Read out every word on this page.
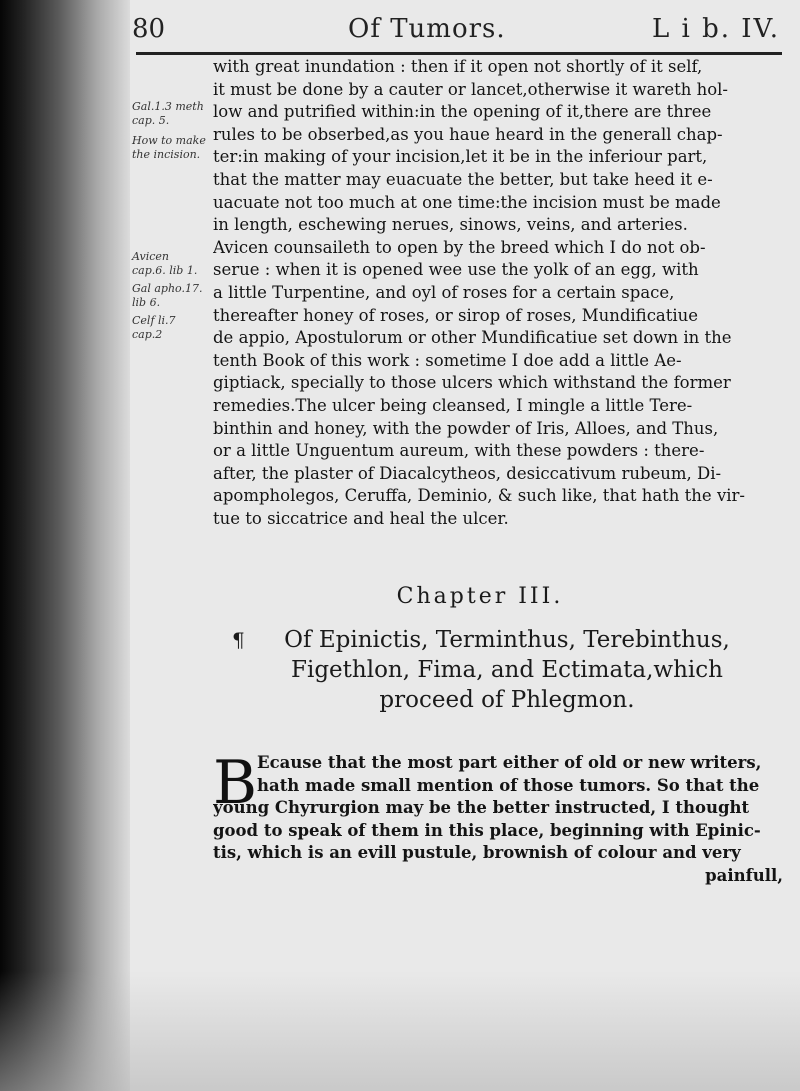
80	Of Tumors.	L i b. IV.
Gal.1.3 meth cap. 5.
How to make the incision.
Avicen cap.6. lib 1.
Gal apho.17. lib 6.
Celf li.7 cap.2
with great inundation : then if it open not shortly of it self,
it must be done by a cauter or lancet,otherwise it wareth hol-
low and putrified within:in the opening of it,there are three
rules to be obserbed,as you haue heard in the generall chap-
ter:in making of your incision,let it be in the inferiour part,
that the matter may euacuate the better, but take heed it e-
uacuate not too much at one time:the incision must be made
in length, eschewing nerues, sinows, veins, and arteries.
Avicen counsaileth to open by the breed which I do not ob-
serue : when it is opened wee use the yolk of an egg, with
a little Turpentine, and oyl of roses for a certain space,
thereafter honey of roses, or sirop of roses, Mundificatiue
de appio, Apostulorum or other Mundificatiue set down in the
tenth Book of this work : sometime I doe add a little Ae-
giptiack, specially to those ulcers which withstand the former
remedies.The ulcer being cleansed, I mingle a little Tere-
binthin and honey, with the powder of Iris, Alloes, and Thus,
or a little Unguentum aureum, with these powders : there-
after, the plaster of Diacalcytheos, desiccativum rubeum, Di-
apompholegos, Ceruffa, Deminio, & such like, that hath the vir-
tue to siccatrice and heal the ulcer.
Chapter III.
¶	Of Epinictis, Terminthus, Terebinthus,
Figethlon, Fima, and Ectimata,which
proceed of Phlegmon.
B Ecause that the most part either of old or new writers,
hath made small mention of those tumors. So that the
young Chyrurgion may be the better instructed, I thought
good to speak of them in this place, beginning with Epinic-
tis, which is an evill pustule, brownish of colour and very
painfull,
